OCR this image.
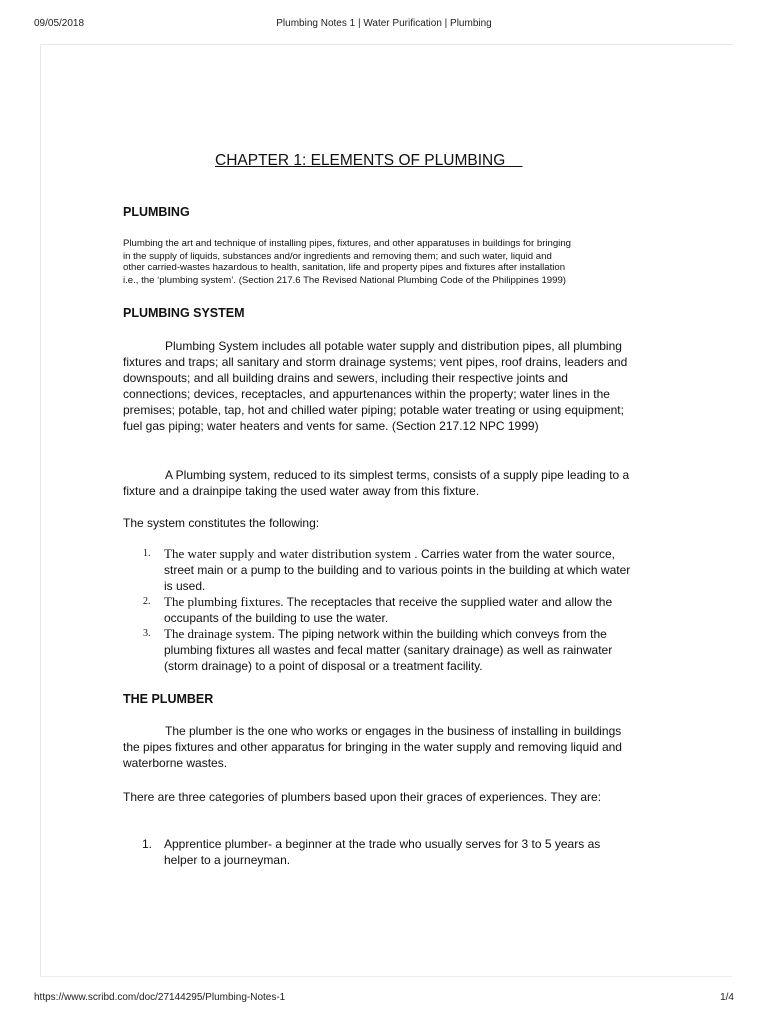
09/05/2018	Plumbing Notes 1 | Water Purification | Plumbing
CHAPTER 1: ELEMENTS OF PLUMBING
PLUMBING
Plumbing the art and technique of installing pipes, fixtures, and other apparatuses in buildings for bringing
in the supply of liquids, substances and/or ingredients and removing them; and such water, liquid and
other carried-wastes hazardous to health, sanitation, life and property pipes and fixtures after installation
i.e., the ‘plumbing system’. (Section 217.6 The Revised National Plumbing Code of the Philippines 1999)
PLUMBING SYSTEM
Plumbing System includes all potable water supply and distribution pipes, all plumbing fixtures and traps; all sanitary and storm drainage systems; vent pipes, roof drains, leaders and downspouts; and all building drains and sewers, including their respective joints and connections; devices, receptacles, and appurtenances within the property; water lines in the premises; potable, tap, hot and chilled water piping; potable water treating or using equipment; fuel gas piping; water heaters and vents for same. (Section 217.12 NPC 1999)
A Plumbing system, reduced to its simplest terms, consists of a supply pipe leading to a fixture and a drainpipe taking the used water away from this fixture.
The system constitutes the following:
1. The water supply and water distribution system . Carries water from the water source, street main or a pump to the building and to various points in the building at which water is used.
2. The plumbing fixtures. The receptacles that receive the supplied water and allow the occupants of the building to use the water.
3. The drainage system. The piping network within the building which conveys from the plumbing fixtures all wastes and fecal matter (sanitary drainage) as well as rainwater (storm drainage) to a point of disposal or a treatment facility.
THE PLUMBER
The plumber is the one who works or engages in the business of installing in buildings the pipes fixtures and other apparatus for bringing in the water supply and removing liquid and waterborne wastes.
There are three categories of plumbers based upon their graces of experiences. They are:
1. Apprentice plumber- a beginner at the trade who usually serves for 3 to 5 years as helper to a journeyman.
https://www.scribd.com/doc/27144295/Plumbing-Notes-1	1/4
